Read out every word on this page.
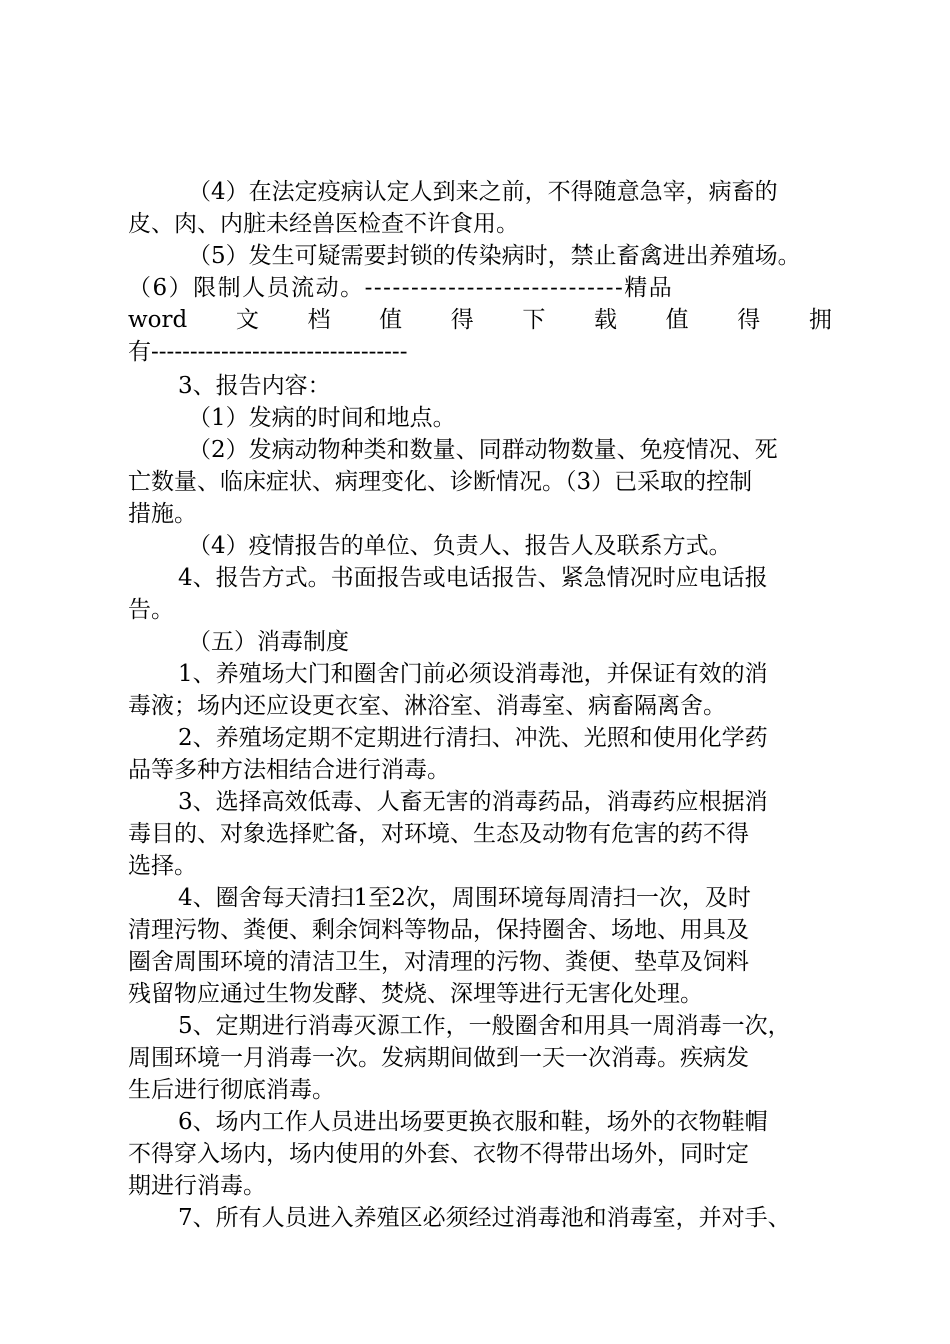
（4）在法定疫病认定人到来之前，不得随意急宰，病畜的
皮、肉、内脏未经兽医检查不许食用。
（5）发生可疑需要封锁的传染病时，禁止畜禽进出养殖场。
（6）限制人员流动。----------------------------精品
word 文 档 值 得 下 载 值 得 拥
有---------------------------------
3、报告内容：
（1）发病的时间和地点。
（2）发病动物种类和数量、同群动物数量、免疫情况、死
亡数量、临床症状、病理变化、诊断情况。（3）已采取的控制
措施。
（4）疫情报告的单位、负责人、报告人及联系方式。
4、报告方式。书面报告或电话报告、紧急情况时应电话报
告。
（五）消毒制度
1、养殖场大门和圈舍门前必须设消毒池，并保证有效的消
毒液；场内还应设更衣室、淋浴室、消毒室、病畜隔离舍。
2、养殖场定期不定期进行清扫、冲洗、光照和使用化学药
品等多种方法相结合进行消毒。
3、选择高效低毒、人畜无害的消毒药品，消毒药应根据消
毒目的、对象选择贮备，对环境、生态及动物有危害的药不得
选择。
4、圈舍每天清扫1至2次，周围环境每周清扫一次，及时
清理污物、粪便、剩余饲料等物品，保持圈舍、场地、用具及
圈舍周围环境的清洁卫生，对清理的污物、粪便、垫草及饲料
残留物应通过生物发酵、焚烧、深埋等进行无害化处理。
5、定期进行消毒灭源工作，一般圈舍和用具一周消毒一次，
周围环境一月消毒一次。发病期间做到一天一次消毒。疾病发
生后进行彻底消毒。
6、场内工作人员进出场要更换衣服和鞋，场外的衣物鞋帽
不得穿入场内，场内使用的外套、衣物不得带出场外，同时定
期进行消毒。
7、所有人员进入养殖区必须经过消毒池和消毒室，并对手、
